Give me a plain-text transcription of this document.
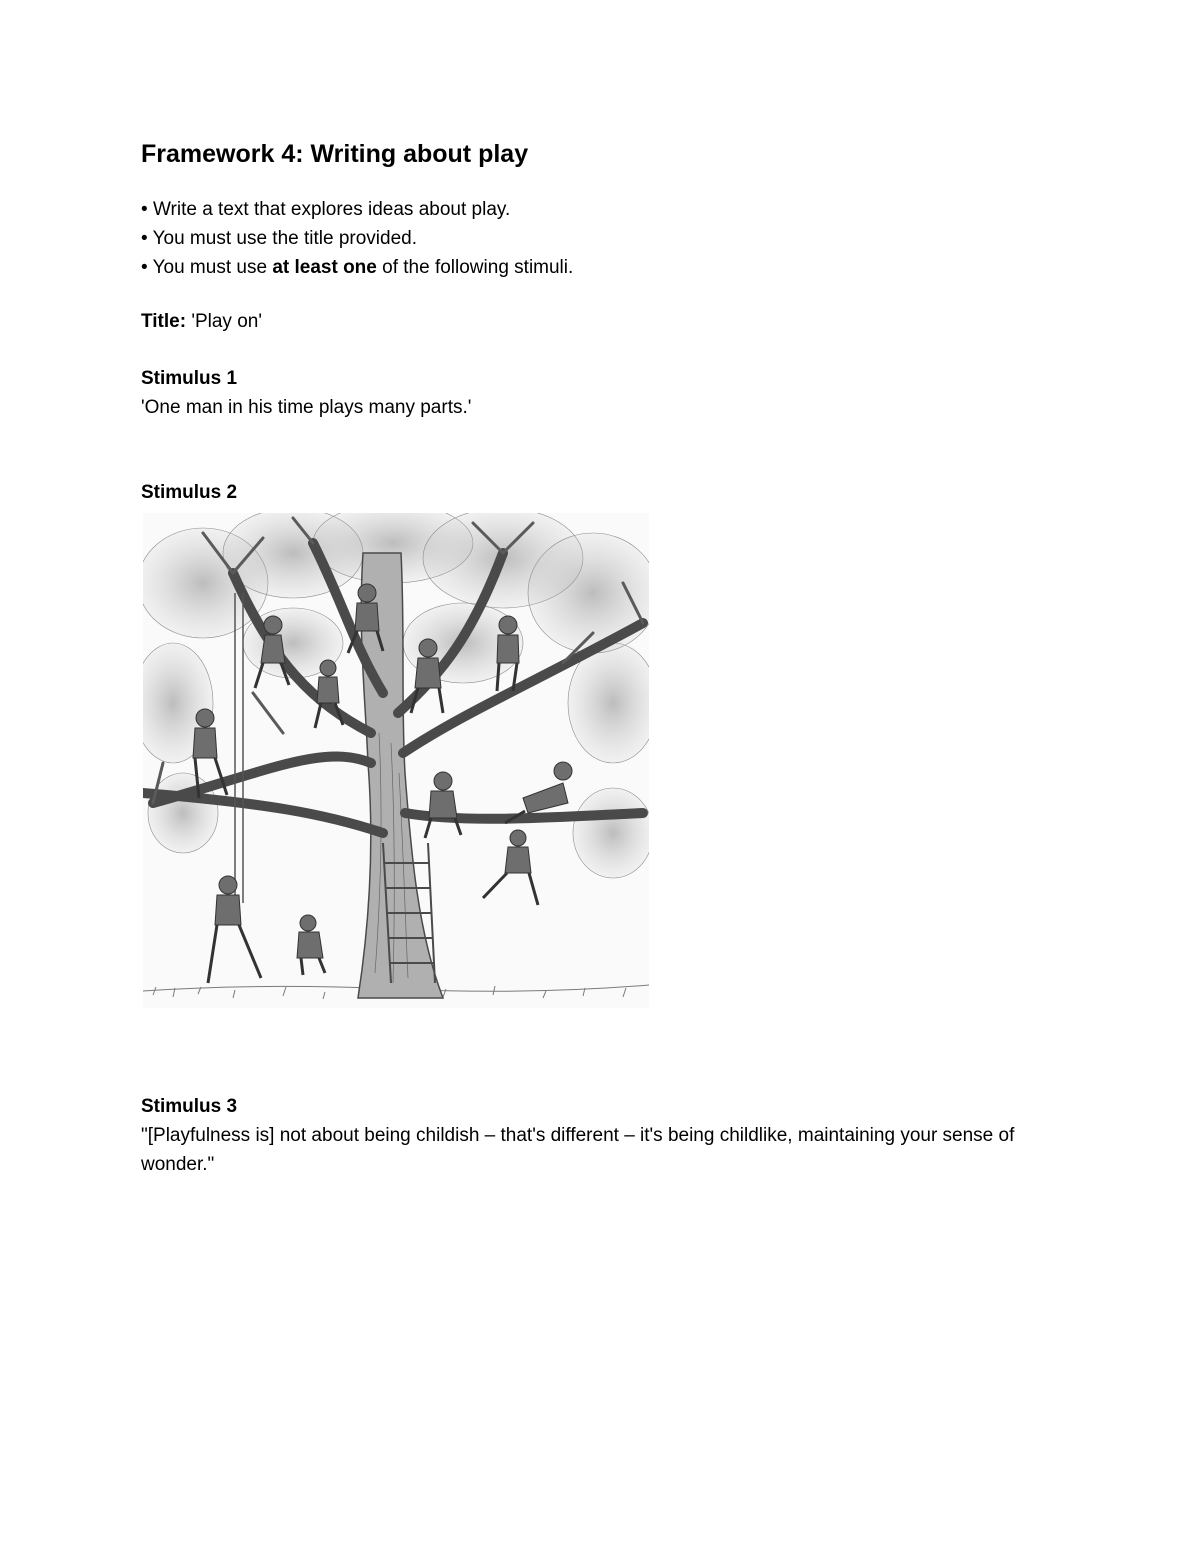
Framework 4: Writing about play
• Write a text that explores ideas about play.
• You must use the title provided.
• You must use at least one of the following stimuli.

Title: 'Play on'

Stimulus 1

'One man in his time plays many parts.'

Stimulus 2

Stimulus 3

"[Playfulness is] not about being childish – that's different – it's being childlike, maintaining your sense of wonder."
